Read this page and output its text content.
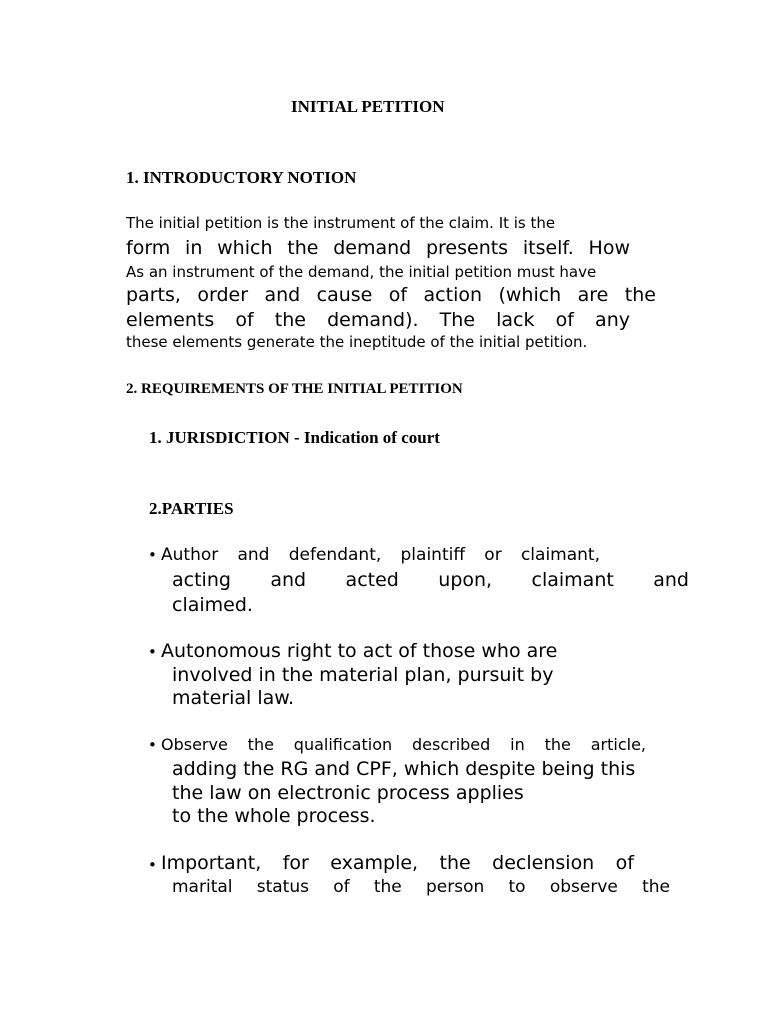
INITIAL PETITION
1. INTRODUCTORY NOTION
The initial petition is the instrument of the claim. It is the
form in which the demand presents itself. How
As an instrument of the demand, the initial petition must have
parts, order and cause of action (which are the
elements of the demand). The lack of any
these elements generate the ineptitude of the initial petition.
2. REQUIREMENTS OF THE INITIAL PETITION
1. JURISDICTION - Indication of court
2.PARTIES
• Author and defendant, plaintiff or claimant,
acting and acted upon, claimant and
claimed.
• Autonomous right to act of those who are
involved in the material plan, pursuit by
material law.
• Observe the qualification described in the article,
adding the RG and CPF, which despite being this
the law on electronic process applies
to the whole process.
• Important, for example, the declension of
marital status of the person to observe the
